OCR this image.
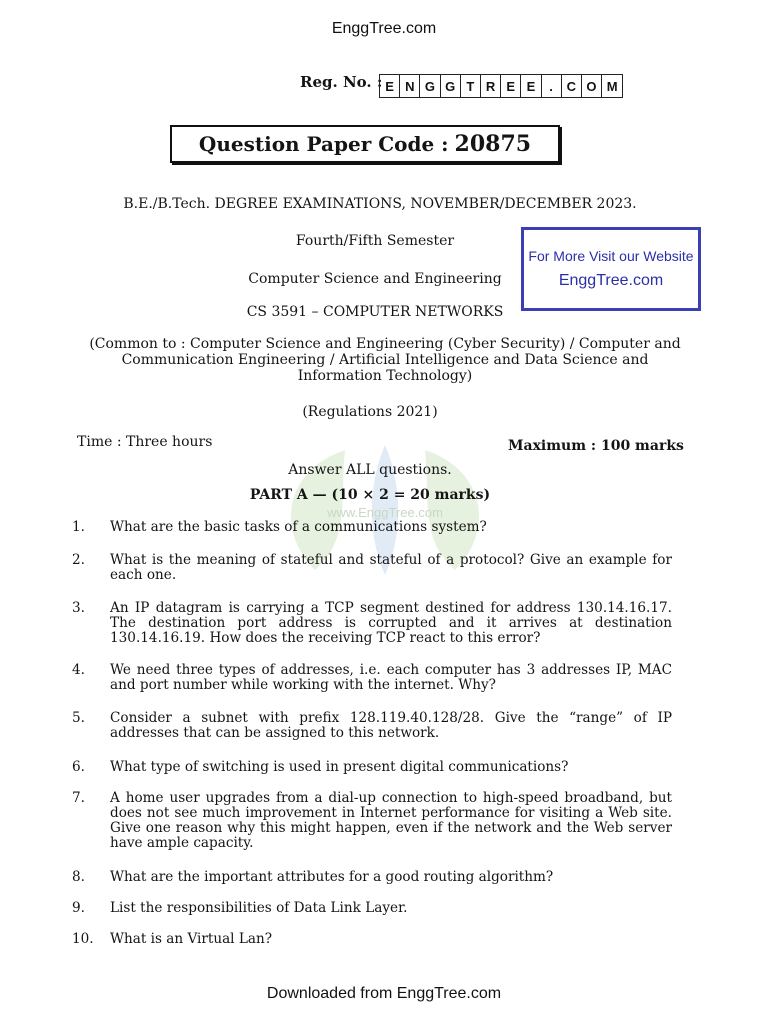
EnggTree.com
www.EnggTree.com
Reg. No. : E N G G T R E E	.	C O M
Question Paper Code : 20875
B.E./B.Tech. DEGREE EXAMINATIONS, NOVEMBER/DECEMBER 2023.
Fourth/Fifth Semester
Computer Science and Engineering
CS 3591 – COMPUTER NETWORKS
For More Visit our Website
EnggTree.com
(Common to : Computer Science and Engineering (Cyber Security) / Computer and
Communication Engineering / Artificial Intelligence and Data Science and
Information Technology)
(Regulations 2021)
Time : Three hours	Maximum : 100 marks
Answer ALL questions.
PART A — (10 × 2 = 20 marks)
1.	What are the basic tasks of a communications system?
2.	What is the meaning of stateful and stateful of a protocol? Give an example for each one.
3.	An IP datagram is carrying a TCP segment destined for address 130.14.16.17. The destination port address is corrupted and it arrives at destination 130.14.16.19. How does the receiving TCP react to this error?
4.	We need three types of addresses, i.e. each computer has 3 addresses IP, MAC and port number while working with the internet. Why?
5.	Consider a subnet with prefix 128.119.40.128/28. Give the “range” of IP addresses that can be assigned to this network.
6.	What type of switching is used in present digital communications?
7.	A home user upgrades from a dial-up connection to high-speed broadband, but does not see much improvement in Internet performance for visiting a Web site. Give one reason why this might happen, even if the network and the Web server have ample capacity.
8.	What are the important attributes for a good routing algorithm?
9.	List the responsibilities of Data Link Layer.
10.	What is an Virtual Lan?
Downloaded from EnggTree.com
